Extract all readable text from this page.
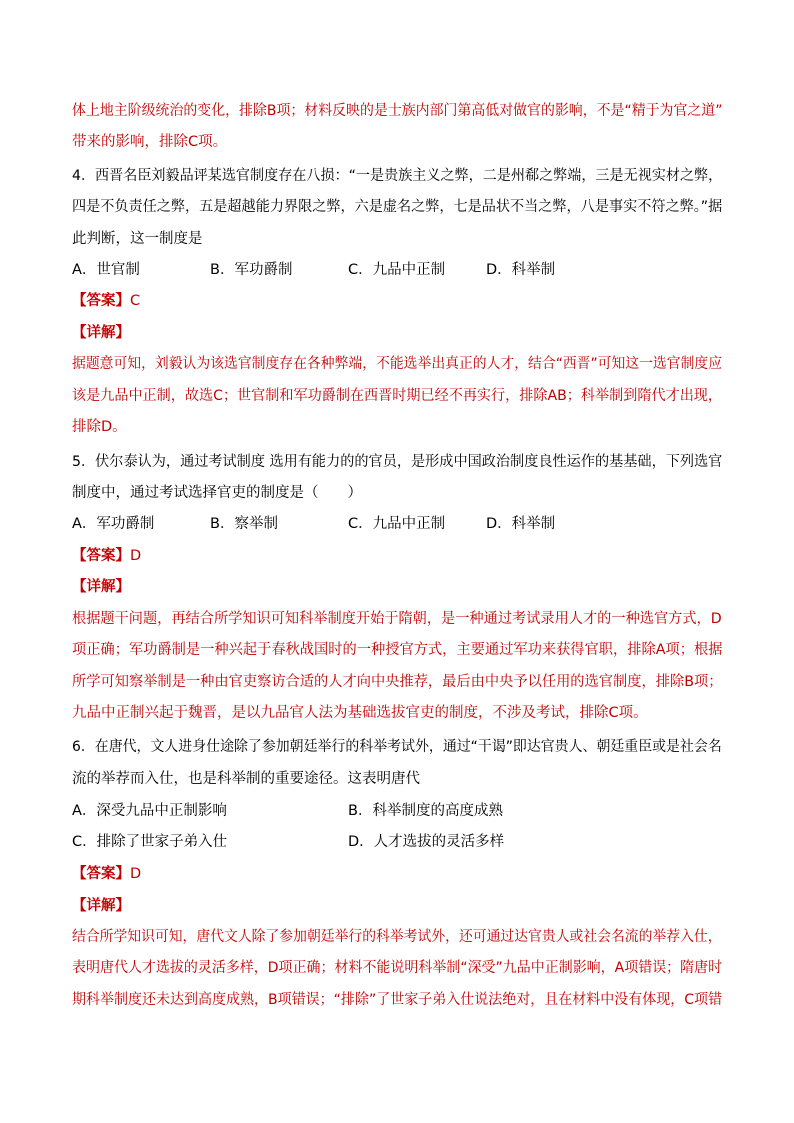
体上地主阶级统治的变化，排除B项；材料反映的是士族内部门第高低对做官的影响，不是“精于为官之道”
带来的影响，排除C项。
4．西晋名臣刘毅品评某选官制度存在八损：“一是贵族主义之弊，二是州郗之弊端，三是无视实材之弊，
四是不负责任之弊，五是超越能力界限之弊，六是虚名之弊，七是品状不当之弊，八是事实不符之弊。”据
此判断，这一制度是
A．世官制	B．军功爵制	C．九品中正制	D．科举制
【答案】C
【详解】
据题意可知，刘毅认为该选官制度存在各种弊端，不能选举出真正的人才，结合“西晋”可知这一选官制度应
该是九品中正制，故选C；世官制和军功爵制在西晋时期已经不再实行，排除AB；科举制到隋代才出现，
排除D。
5．伏尔泰认为，通过考试制度 选用有能力的的官员，是形成中国政治制度良性运作的基基础，下列选官
制度中，通过考试选择官吏的制度是（　　）
A．军功爵制	B．察举制	C．九品中正制	D．科举制
【答案】D
【详解】
根据题干问题，再结合所学知识可知科举制度开始于隋朝，是一种通过考试录用人才的一种选官方式，D
项正确；军功爵制是一种兴起于春秋战国时的一种授官方式，主要通过军功来获得官职，排除A项；根据
所学可知察举制是一种由官吏察访合适的人才向中央推荐，最后由中央予以任用的选官制度，排除B项；
九品中正制兴起于魏晋，是以九品官人法为基础选拔官吏的制度，不涉及考试，排除C项。
6．在唐代，文人进身仕途除了参加朝廷举行的科举考试外，通过“干谒”即达官贵人、朝廷重臣或是社会名
流的举荐而入仕，也是科举制的重要途径。这表明唐代
A．深受九品中正制影响	B．科举制度的高度成熟
C．排除了世家子弟入仕	D．人才选拔的灵活多样
【答案】D
【详解】
结合所学知识可知，唐代文人除了参加朝廷举行的科举考试外，还可通过达官贵人或社会名流的举荐入仕，
表明唐代人才选拔的灵活多样，D项正确；材料不能说明科举制“深受”九品中正制影响，A项错误；隋唐时
期科举制度还未达到高度成熟，B项错误；“排除”了世家子弟入仕说法绝对，且在材料中没有体现，C项错
